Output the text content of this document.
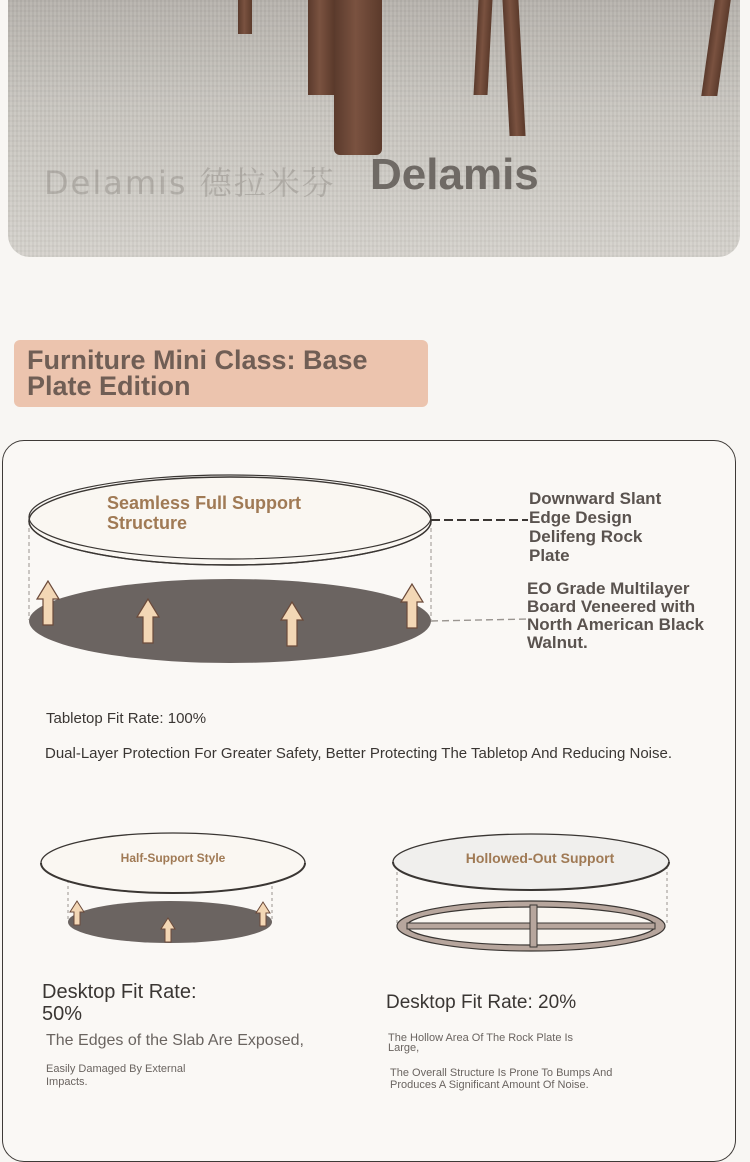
Delamis 德拉米芬 Delamis
Furniture Mini Class: Base Plate Edition
Seamless Full Support Structure
Downward Slant Edge Design Delifeng Rock Plate
EO Grade Multilayer Board Veneered with North American Black Walnut.
Tabletop Fit Rate: 100%
Dual-Layer Protection For Greater Safety, Better Protecting The Tabletop And Reducing Noise.
Half-Support Style
Desktop Fit Rate: 50%
The Edges of the Slab Are Exposed,
Easily Damaged By External Impacts.
Hollowed-Out Support
Desktop Fit Rate: 20%
The Hollow Area Of The Rock Plate Is Large,
The Overall Structure Is Prone To Bumps And Produces A Significant Amount Of Noise.
